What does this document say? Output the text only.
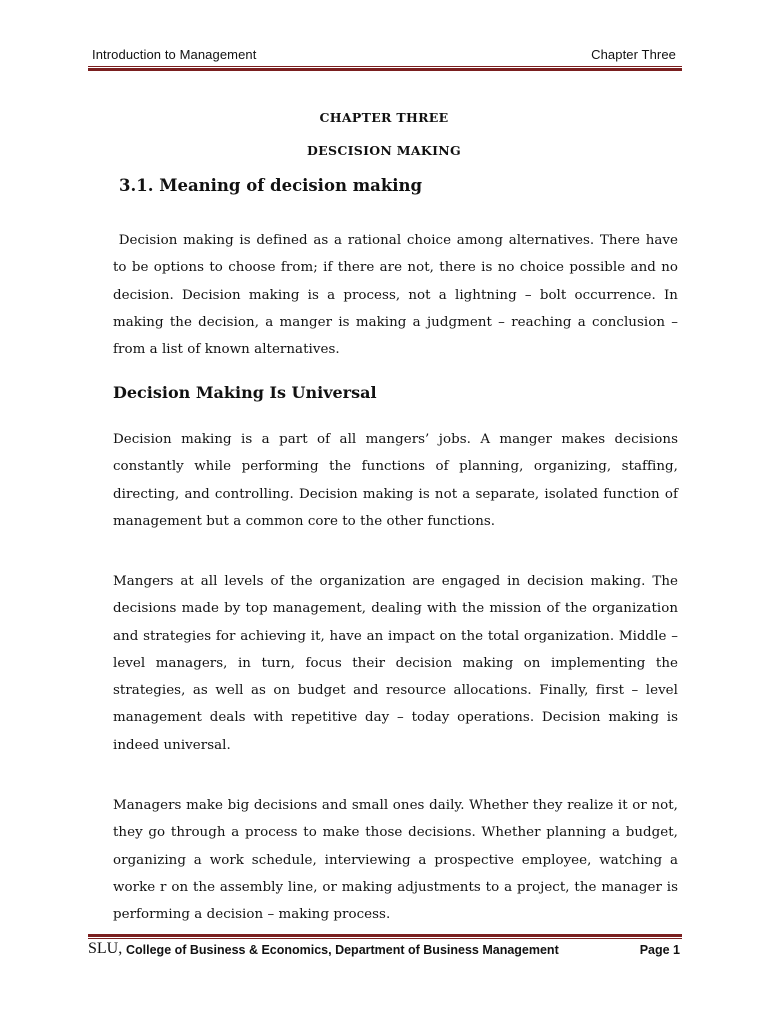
Introduction to Management	Chapter Three
CHAPTER THREE
DESCISION MAKING
3.1. Meaning of decision making

Decision making is defined as a rational choice among alternatives. There have to be options to choose from; if there are not, there is no choice possible and no decision. Decision making is a process, not a lightning – bolt occurrence. In making the decision, a manger is making a judgment – reaching a conclusion – from a list of known alternatives.

Decision Making Is Universal

Decision making is a part of all mangers’ jobs. A manger makes decisions constantly while performing the functions of planning, organizing, staffing, directing, and controlling. Decision making is not a separate, isolated function of management but a common core to the other functions.

Mangers at all levels of the organization are engaged in decision making. The decisions made by top management, dealing with the mission of the organization and strategies for achieving it, have an impact on the total organization. Middle – level managers, in turn, focus their decision making on implementing the strategies, as well as on budget and resource allocations. Finally, first – level management deals with repetitive day – today operations. Decision making is indeed universal.

Managers make big decisions and small ones daily. Whether they realize it or not, they go through a process to make those decisions. Whether planning a budget, organizing a work schedule, interviewing a prospective employee, watching a worke r on the assembly line, or making adjustments to a project, the manager is performing a decision – making process.

SLU, College of Business & Economics, Department of Business Management	Page 1
